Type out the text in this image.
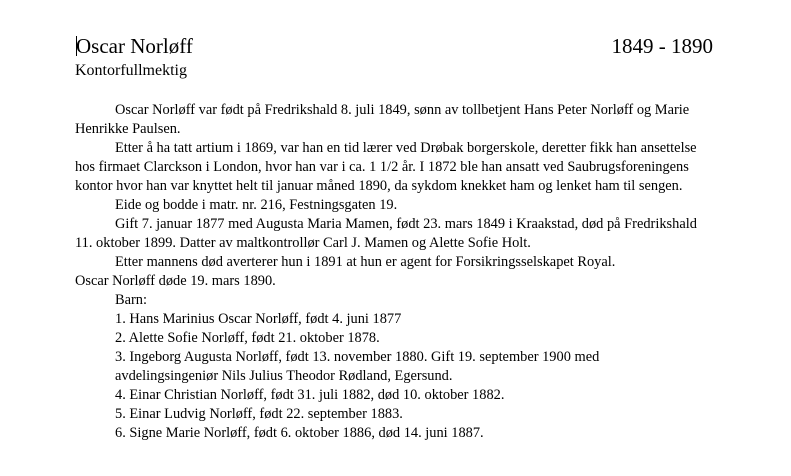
Oscar Norløff	1849 - 1890
Kontorfullmektig

Oscar Norløff var født på Fredrikshald 8. juli 1849, sønn av tollbetjent Hans Peter Norløff og Marie Henrikke Paulsen.

Etter å ha tatt artium i 1869, var han en tid lærer ved Drøbak borgerskole, deretter fikk han ansettelse hos firmaet Clarckson i London, hvor han var i ca. 1 1/2 år. I 1872 ble han ansatt ved Saubrugsforeningens kontor hvor han var knyttet helt til januar måned 1890, da sykdom knekket ham og lenket ham til sengen.

Eide og bodde i matr. nr. 216, Festningsgaten 19.

Gift 7. januar 1877 med Augusta Maria Mamen, født 23. mars 1849 i Kraakstad, død på Fredrikshald 11. oktober 1899. Datter av maltkontrollør Carl J. Mamen og Alette Sofie Holt.

Etter mannens død averterer hun i 1891 at hun er agent for Forsikringsselskapet Royal.

Oscar Norløff døde 19. mars 1890.

Barn:

1. Hans Marinius Oscar Norløff, født 4. juni 1877

2. Alette Sofie Norløff, født 21. oktober 1878.

3. Ingeborg Augusta Norløff, født 13. november 1880. Gift 19. september 1900 med

avdelingsingeniør Nils Julius Theodor Rødland, Egersund.

4. Einar Christian Norløff, født 31. juli 1882, død 10. oktober 1882.

5. Einar Ludvig Norløff, født 22. september 1883.

6. Signe Marie Norløff, født 6. oktober 1886, død 14. juni 1887.
